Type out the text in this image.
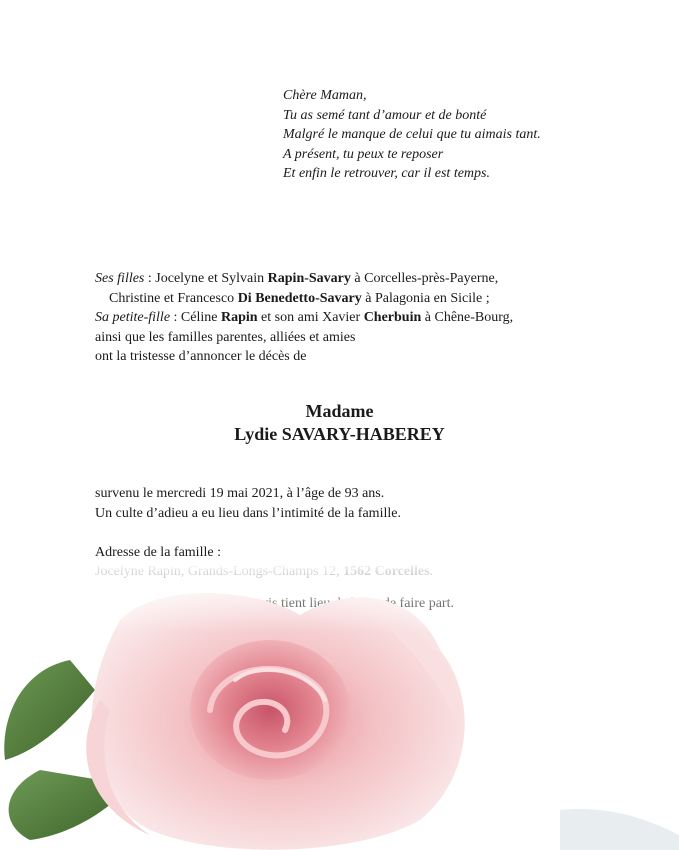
Chère Maman,
Tu as semé tant d’amour et de bonté
Malgré le manque de celui que tu aimais tant.
A présent, tu peux te reposer
Et enfin le retrouver, car il est temps.
Ses filles : Jocelyne et Sylvain Rapin-Savary à Corcelles-près-Payerne,
Christine et Francesco Di Benedetto-Savary à Palagonia en Sicile ;
Sa petite-fille : Céline Rapin et son ami Xavier Cherbuin à Chêne-Bourg,
ainsi que les familles parentes, alliées et amies
ont la tristesse d’annoncer le décès de
Madame
Lydie SAVARY-HABEREY
survenu le mercredi 19 mai 2021, à l’âge de 93 ans.
Un culte d’adieu a eu lieu dans l’intimité de la famille.
Adresse de la famille :
